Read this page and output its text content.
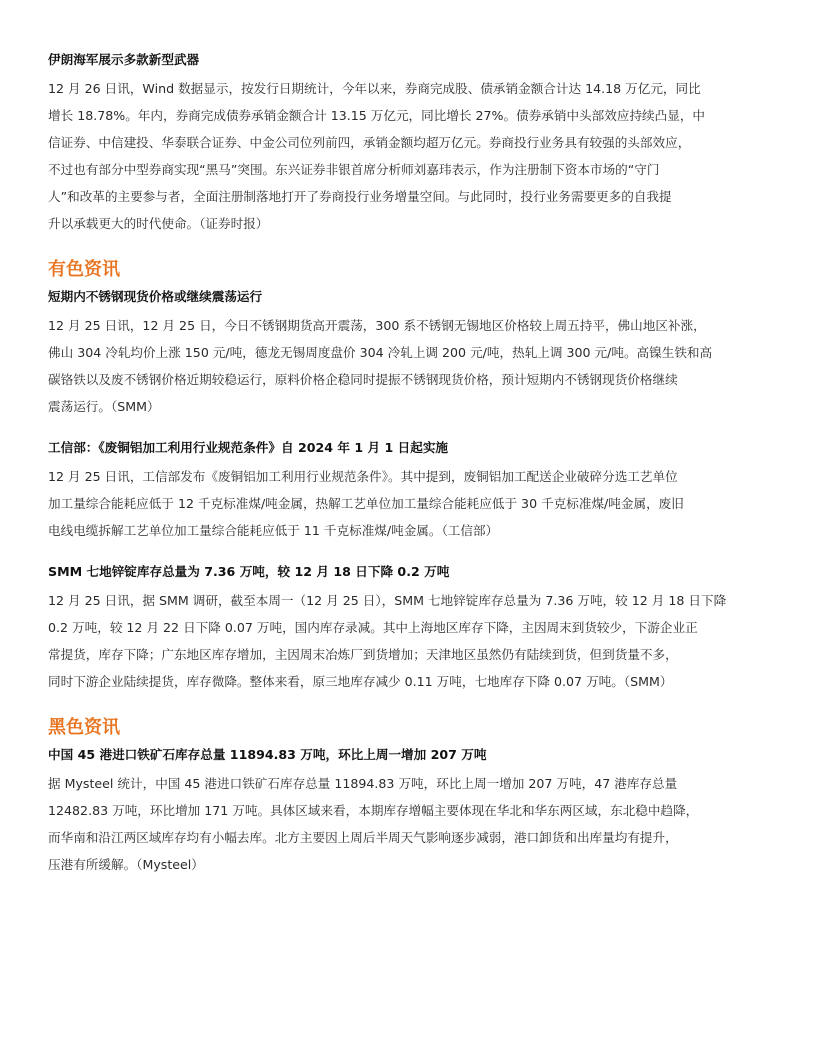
伊朗海军展示多款新型武器

12 月 26 日讯，Wind 数据显示，按发行日期统计，今年以来，券商完成股、债承销金额合计达 14.18 万亿元，同比
增长 18.78%。年内，券商完成债券承销金额合计 13.15 万亿元，同比增长 27%。债券承销中头部效应持续凸显，中
信证券、中信建投、华泰联合证券、中金公司位列前四，承销金额均超万亿元。券商投行业务具有较强的头部效应，
不过也有部分中型券商实现“黑马”突围。东兴证券非银首席分析师刘嘉玮表示，作为注册制下资本市场的“守门
人”和改革的主要参与者，全面注册制落地打开了券商投行业务增量空间。与此同时，投行业务需要更多的自我提
升以承载更大的时代使命。（证券时报）

有色资讯
短期内不锈钢现货价格或继续震荡运行

12 月 25 日讯，12 月 25 日，今日不锈钢期货高开震荡，300 系不锈钢无锡地区价格较上周五持平，佛山地区补涨，
佛山 304 冷轧均价上涨 150 元/吨，德龙无锡周度盘价 304 冷轧上调 200 元/吨，热轧上调 300 元/吨。高镍生铁和高
碳铬铁以及废不锈钢价格近期较稳运行，原料价格企稳同时提振不锈钢现货价格，预计短期内不锈钢现货价格继续
震荡运行。（SMM）

工信部：《废铜铝加工利用行业规范条件》自 2024 年 1 月 1 日起实施

12 月 25 日讯，工信部发布《废铜铝加工利用行业规范条件》。其中提到，废铜铝加工配送企业破碎分选工艺单位
加工量综合能耗应低于 12 千克标准煤/吨金属，热解工艺单位加工量综合能耗应低于 30 千克标准煤/吨金属，废旧
电线电缆拆解工艺单位加工量综合能耗应低于 11 千克标准煤/吨金属。（工信部）

SMM 七地锌锭库存总量为 7.36 万吨，较 12 月 18 日下降 0.2 万吨

12 月 25 日讯，据 SMM 调研，截至本周一（12 月 25 日），SMM 七地锌锭库存总量为 7.36 万吨，较 12 月 18 日下降
0.2 万吨，较 12 月 22 日下降 0.07 万吨，国内库存录减。其中上海地区库存下降，主因周末到货较少，下游企业正
常提货，库存下降；广东地区库存增加，主因周末冶炼厂到货增加；天津地区虽然仍有陆续到货，但到货量不多，
同时下游企业陆续提货，库存微降。整体来看，原三地库存减少 0.11 万吨，七地库存下降 0.07 万吨。（SMM）

黑色资讯
中国 45 港进口铁矿石库存总量 11894.83 万吨，环比上周一增加 207 万吨

据 Mysteel 统计，中国 45 港进口铁矿石库存总量 11894.83 万吨，环比上周一增加 207 万吨，47 港库存总量
12482.83 万吨，环比增加 171 万吨。具体区域来看，本期库存增幅主要体现在华北和华东两区域，东北稳中趋降，
而华南和沿江两区域库存均有小幅去库。北方主要因上周后半周天气影响逐步减弱，港口卸货和出库量均有提升，
压港有所缓解。（Mysteel）
